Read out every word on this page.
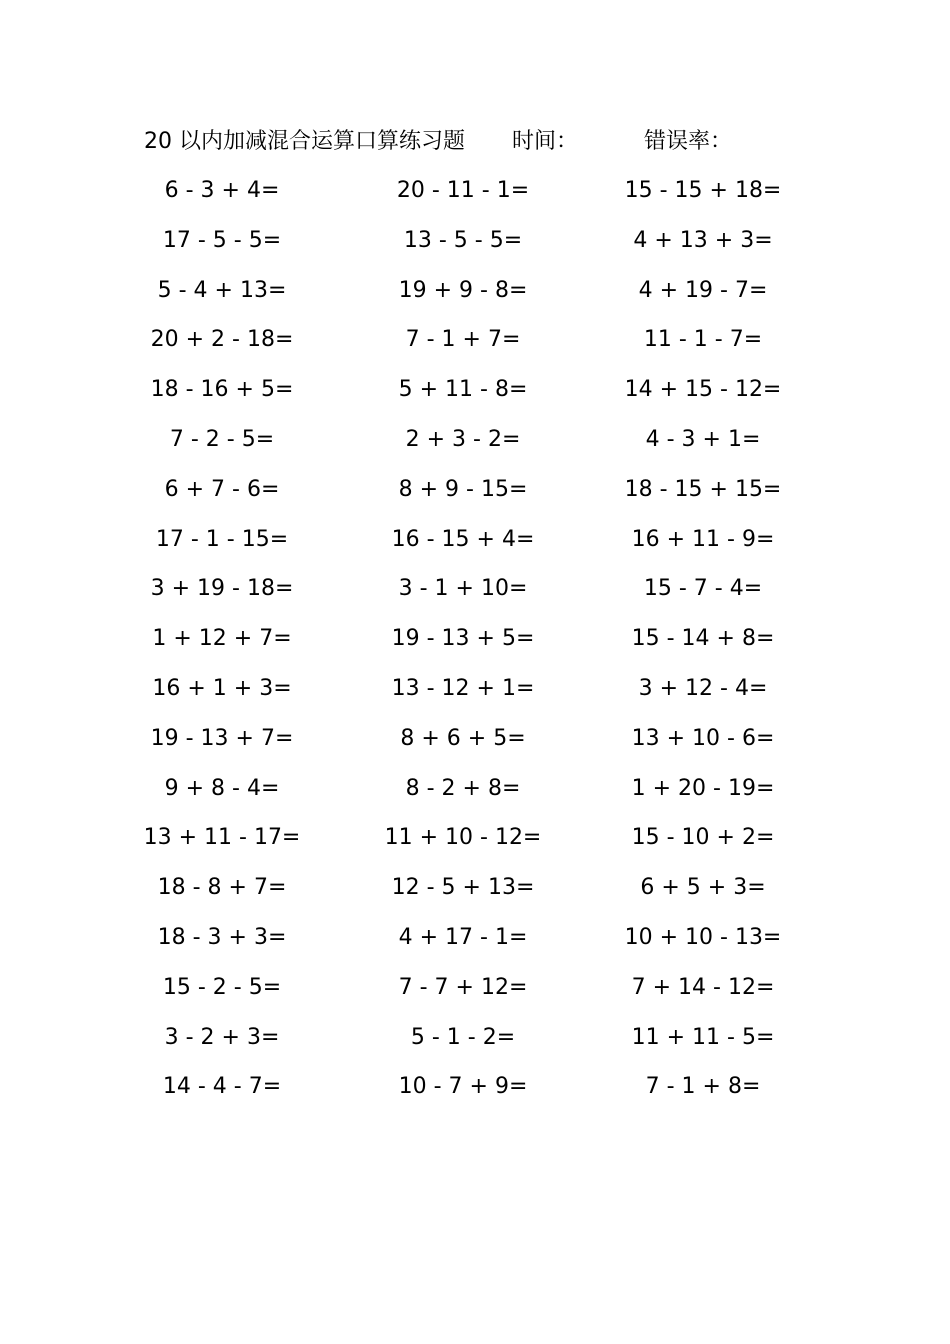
20 以内加减混合运算口算练习题 时间：	错误率：
6 - 3 + 4=	20 - 11 - 1=	15 - 15 + 18=
17 - 5 - 5=	13 - 5 - 5=	4 + 13 + 3=
5 - 4 + 13=	19 + 9 - 8=	4 + 19 - 7=
20 + 2 - 18=	7 - 1 + 7=	11 - 1 - 7=
18 - 16 + 5=	5 + 11 - 8=	14 + 15 - 12=
7 - 2 - 5=	2 + 3 - 2=	4 - 3 + 1=
6 + 7 - 6=	8 + 9 - 15=	18 - 15 + 15=
17 - 1 - 15=	16 - 15 + 4=	16 + 11 - 9=
3 + 19 - 18=	3 - 1 + 10=	15 - 7 - 4=
1 + 12 + 7=	19 - 13 + 5=	15 - 14 + 8=
16 + 1 + 3=	13 - 12 + 1=	3 + 12 - 4=
19 - 13 + 7=	8 + 6 + 5=	13 + 10 - 6=
9 + 8 - 4=	8 - 2 + 8=	1 + 20 - 19=
13 + 11 - 17=	11 + 10 - 12=	15 - 10 + 2=
18 - 8 + 7=	12 - 5 + 13=	6 + 5 + 3=
18 - 3 + 3=	4 + 17 - 1=	10 + 10 - 13=
15 - 2 - 5=	7 - 7 + 12=	7 + 14 - 12=
3 - 2 + 3=	5 - 1 - 2=	11 + 11 - 5=
14 - 4 - 7=	10 - 7 + 9=	7 - 1 + 8=
